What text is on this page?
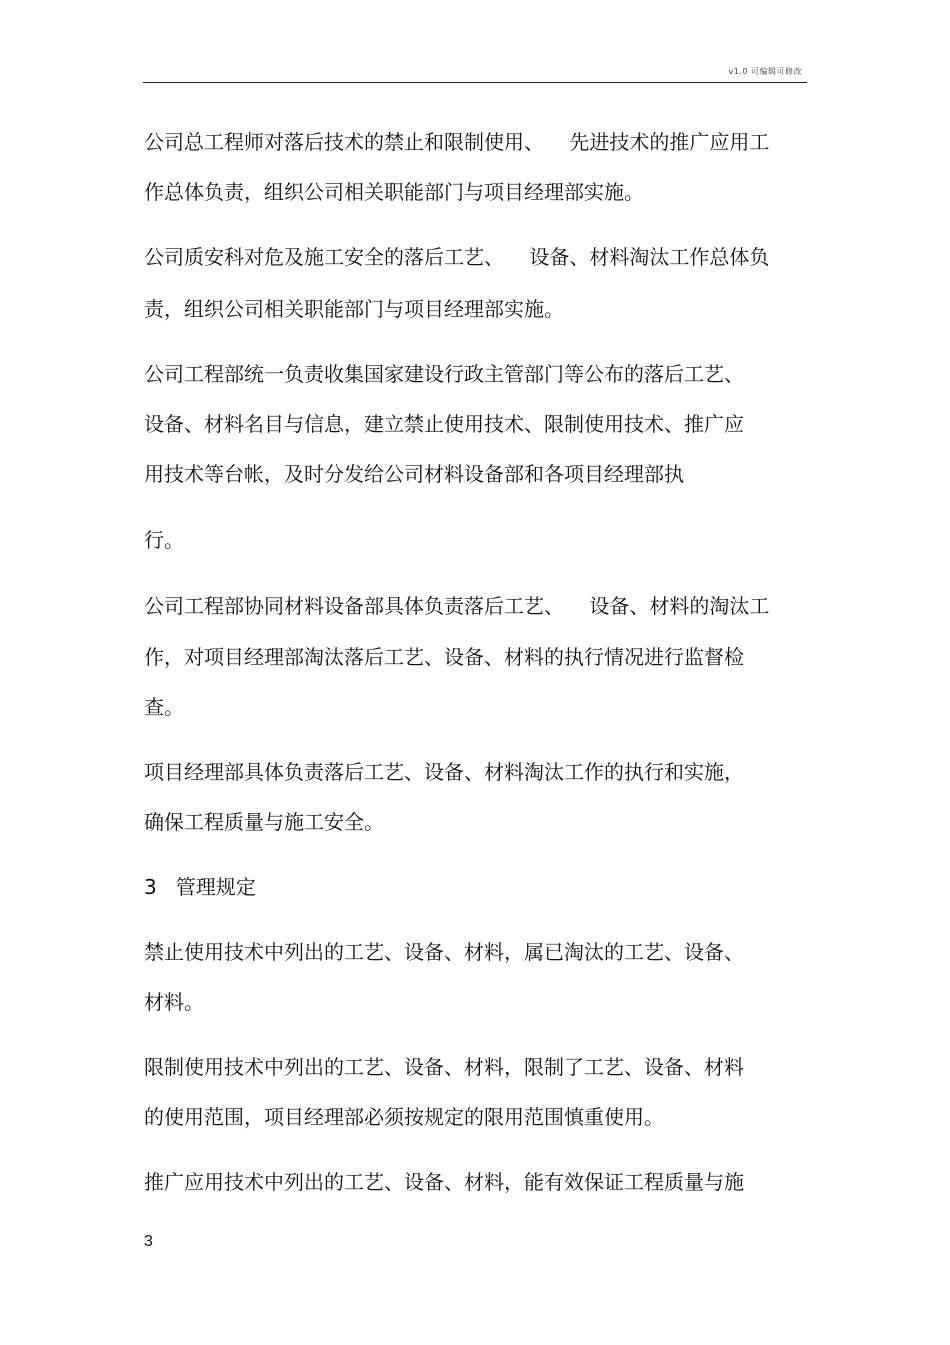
v1.0 可编辑可修改
公司总工程师对落后技术的禁止和限制使用、    先进技术的推广应用工
作总体负责，组织公司相关职能部门与项目经理部实施。
公司质安科对危及施工安全的落后工艺、    设备、材料淘汰工作总体负
责，组织公司相关职能部门与项目经理部实施。
公司工程部统一负责收集国家建设行政主管部门等公布的落后工艺、
设备、材料名目与信息，建立禁止使用技术、限制使用技术、推广应
用技术等台帐，及时分发给公司材料设备部和各项目经理部执
行。
公司工程部协同材料设备部具体负责落后工艺、    设备、材料的淘汰工
作，对项目经理部淘汰落后工艺、设备、材料的执行情况进行监督检
查。
项目经理部具体负责落后工艺、设备、材料淘汰工作的执行和实施，
确保工程质量与施工安全。
3   管理规定
禁止使用技术中列出的工艺、设备、材料，属已淘汰的工艺、设备、
材料。
限制使用技术中列出的工艺、设备、材料，限制了工艺、设备、材料
的使用范围，项目经理部必须按规定的限用范围慎重使用。
推广应用技术中列出的工艺、设备、材料，能有效保证工程质量与施
3
